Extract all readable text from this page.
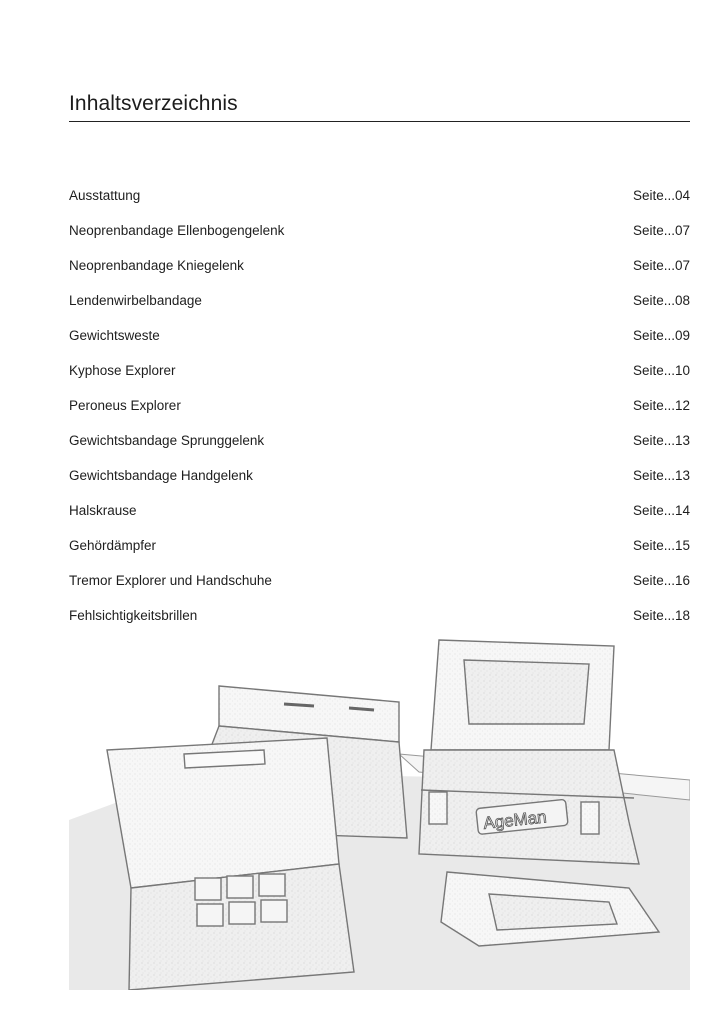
Inhaltsverzeichnis
Ausstattung	Seite...04
Neoprenbandage Ellenbogengelenk	Seite...07
Neoprenbandage Kniegelenk	Seite...07
Lendenwirbelbandage	Seite...08
Gewichtsweste	Seite...09
Kyphose Explorer	Seite...10
Peroneus Explorer	Seite...12
Gewichtsbandage Sprunggelenk	Seite...13
Gewichtsbandage Handgelenk	Seite...13
Halskrause	Seite...14
Gehördämpfer	Seite...15
Tremor Explorer und Handschuhe	Seite...16
Fehlsichtigkeitsbrillen	Seite...18
AgeMan
